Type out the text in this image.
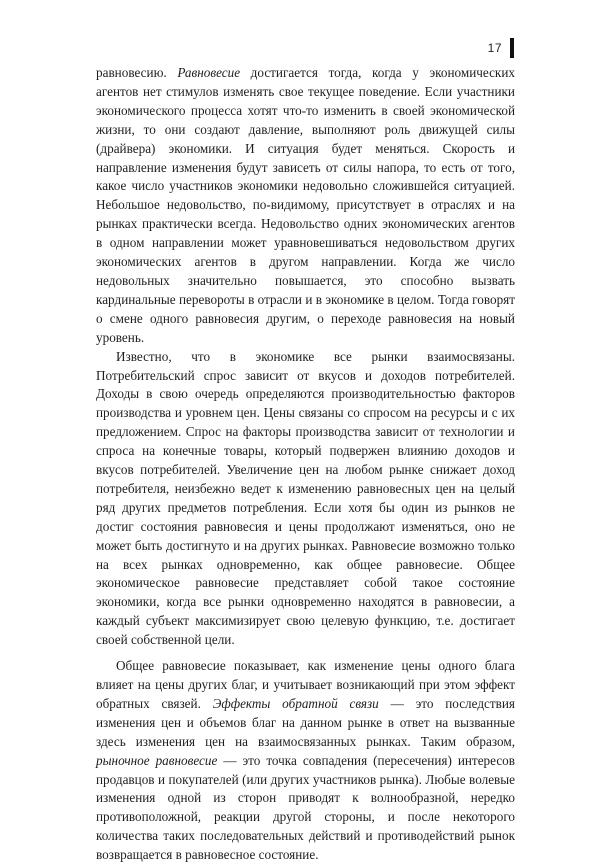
17

равновесию. Равновесие достигается тогда, когда у экономических агентов нет стимулов изменять свое текущее поведение. Если участники экономического процесса хотят что-то изменить в своей экономической жизни, то они создают давление, выполняют роль движущей силы (драйвера) экономики. И ситуация будет меняться. Скорость и направление изменения будут зависеть от силы напора, то есть от того, какое число участников экономики недовольно сложившейся ситуацией. Небольшое недовольство, по-видимому, присутствует в отраслях и на рынках практически всегда. Недовольство одних экономических агентов в одном направлении может уравновешиваться недовольством других экономических агентов в другом направлении. Когда же число недовольных значительно повышается, это способно вызвать кардинальные перевороты в отрасли и в экономике в целом. Тогда говорят о смене одного равновесия другим, о переходе равновесия на новый уровень.

Известно, что в экономике все рынки взаимосвязаны. Потребительский спрос зависит от вкусов и доходов потребителей. Доходы в свою очередь определяются производительностью факторов производства и уровнем цен. Цены связаны со спросом на ресурсы и с их предложением. Спрос на факторы производства зависит от технологии и спроса на конечные товары, который подвержен влиянию доходов и вкусов потребителей. Увеличение цен на любом рынке снижает доход потребителя, неизбежно ведет к изменению равновесных цен на целый ряд других предметов потребления. Если хотя бы один из рынков не достиг состояния равновесия и цены продолжают изменяться, оно не может быть достигнуто и на других рынках. Равновесие возможно только на всех рынках одновременно, как общее равновесие. Общее экономическое равновесие представляет собой такое состояние экономики, когда все рынки одновременно находятся в равновесии, а каждый субъект максимизирует свою целевую функцию, т.е. достигает своей собственной цели.

Общее равновесие показывает, как изменение цены одного блага влияет на цены других благ, и учитывает возникающий при этом эффект обратных связей. Эффекты обратной связи — это последствия изменения цен и объемов благ на данном рынке в ответ на вызванные здесь изменения цен на взаимосвязанных рынках. Таким образом, рыночное равновесие — это точка совпадения (пересечения) интересов продавцов и покупателей (или других участников рынка). Любые волевые изменения одной из сторон приводят к волнообразной, нередко противоположной, реакции другой стороны, и после некоторого количества таких последовательных действий и противодействий рынок возвращается в равновесное состояние.
